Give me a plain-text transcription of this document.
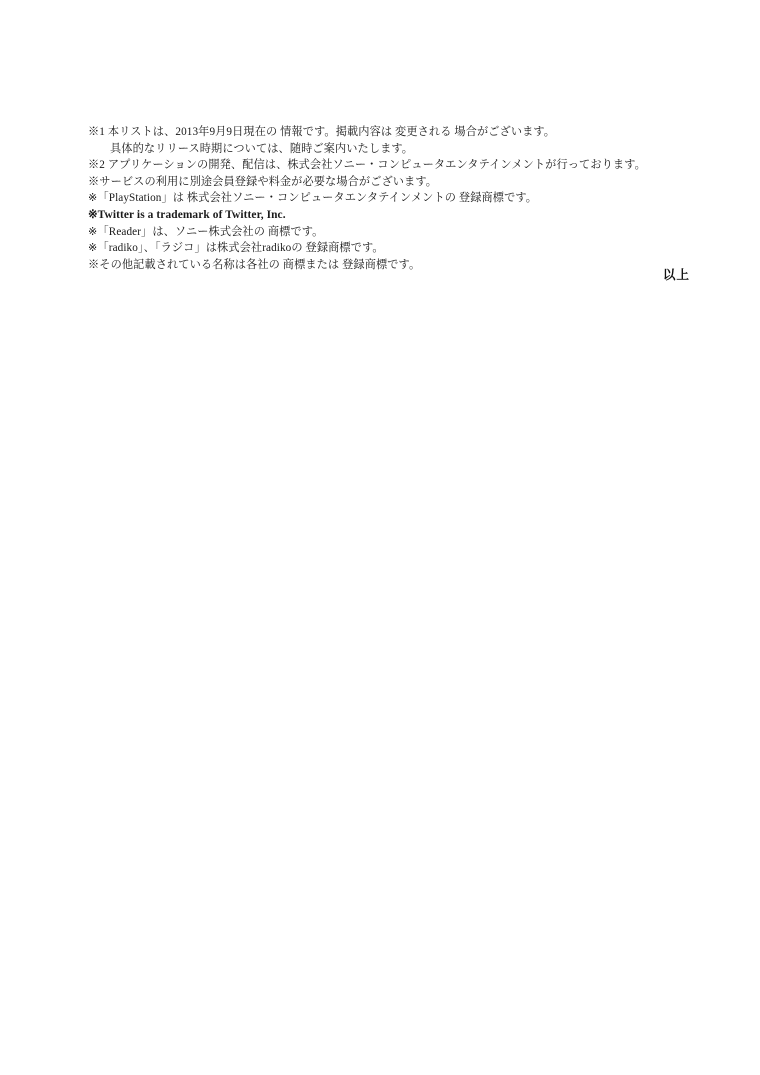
※1 本リストは、2013年9月9日現在の 情報です。掲載内容は 変更される 場合がございます。
具体的なリリース時期については、随時ご案内いたします。
※2 アプリケーションの開発、配信は、株式会社ソニー・コンピュータエンタテインメントが行っております。
※サービスの利用に別途会員登録や料金が必要な場合がございます。
※「PlayStation」は 株式会社ソニー・コンピュータエンタテインメントの 登録商標です。
※Twitter is a trademark of Twitter, Inc.
※「Reader」は、ソニー株式会社の 商標です。
※「radiko」、「ラジコ」は株式会社radikoの 登録商標です。
※その他記載されている名称は各社の 商標または 登録商標です。
以上
